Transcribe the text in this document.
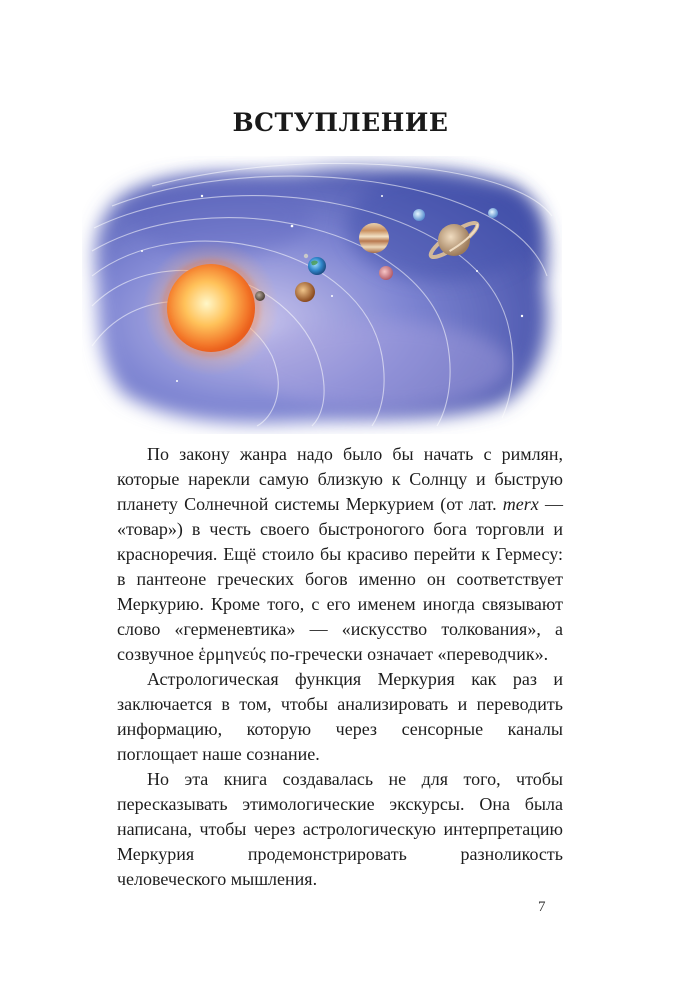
ВСТУПЛЕНИЕ

По закону жанра надо было бы начать с римлян, которые нарекли самую близкую к Солнцу и быструю планету Солнечной системы Меркурием (от лат. merx — «товар») в честь своего быстроногого бога торговли и красноречия. Ещё стоило бы красиво перейти к Гермесу: в пантеоне греческих богов именно он соответствует Меркурию. Кроме того, с его именем иногда связывают слово «герменевтика» — «искусство толкования», а созвучное ἑρμηνεύς по-гречески означает «переводчик».

Астрологическая функция Меркурия как раз и заключается в том, чтобы анализировать и переводить информацию, которую через сенсорные каналы поглощает наше сознание.

Но эта книга создавалась не для того, чтобы пересказывать этимологические экскурсы. Она была написана, чтобы через астрологическую интерпретацию Меркурия продемонстрировать разноликость человеческого мышления.

7
